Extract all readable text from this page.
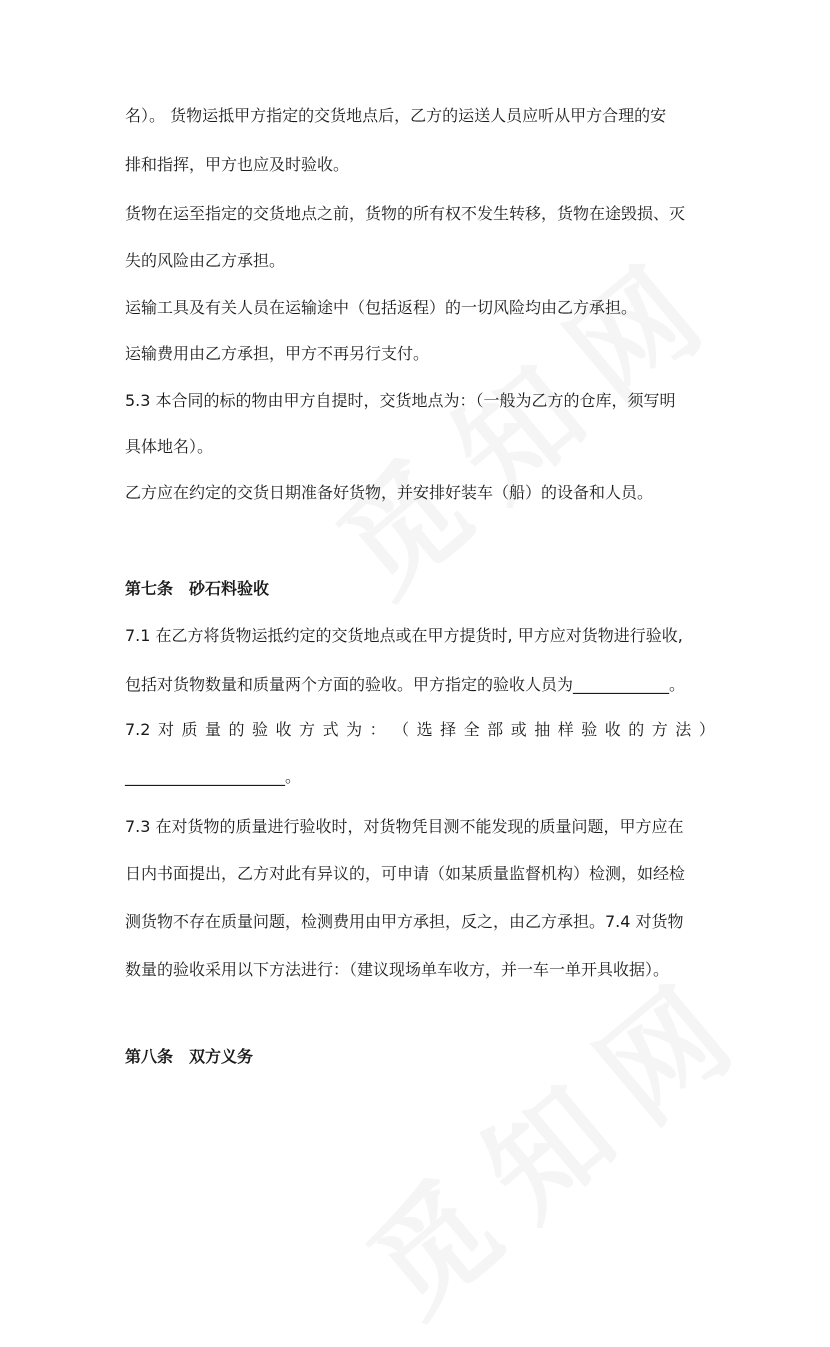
名）。 货物运抵甲方指定的交货地点后，乙方的运送人员应听从甲方合理的安
排和指挥，甲方也应及时验收。
货物在运至指定的交货地点之前，货物的所有权不发生转移，货物在途毁损、灭
失的风险由乙方承担。
运输工具及有关人员在运输途中（包括返程）的一切风险均由乙方承担。
运输费用由乙方承担，甲方不再另行支付。
5.3 本合同的标的物由甲方自提时，交货地点为：（一般为乙方的仓库，须写明
具体地名）。
乙方应在约定的交货日期准备好货物，并安排好装车（船）的设备和人员。
第七条　砂石料验收
7.1 在乙方将货物运抵约定的交货地点或在甲方提货时, 甲方应对货物进行验收,
包括对货物数量和质量两个方面的验收。甲方指定的验收人员为____________。
7.2 对 质 量 的 验 收 方 式 为 ： （ 选 择 全 部 或 抽 样 验 收 的 方 法 ）
____________________。
7.3 在对货物的质量进行验收时，对货物凭目测不能发现的质量问题，甲方应在
日内书面提出，乙方对此有异议的，可申请（如某质量监督机构）检测，如经检
测货物不存在质量问题，检测费用由甲方承担，反之，由乙方承担。7.4 对货物
数量的验收采用以下方法进行：（建议现场单车收方，并一车一单开具收据）。
第八条　双方义务
